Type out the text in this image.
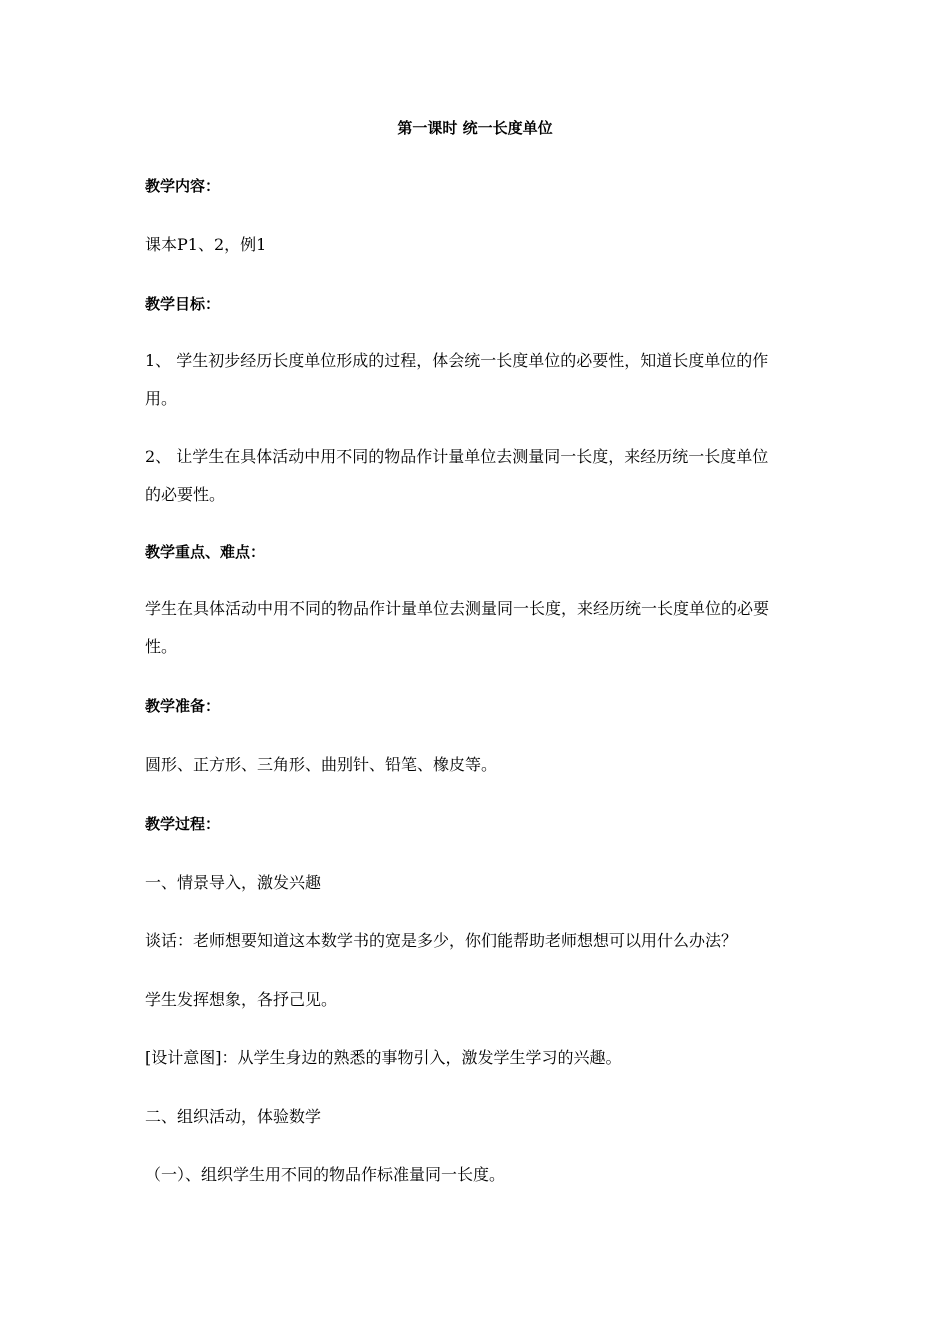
第一课时 统一长度单位
教学内容：
课本P1、2，例1
教学目标：
1、 学生初步经历长度单位形成的过程，体会统一长度单位的必要性，知道长度单位的作
用。
2、 让学生在具体活动中用不同的物品作计量单位去测量同一长度，来经历统一长度单位
的必要性。
教学重点、难点：
学生在具体活动中用不同的物品作计量单位去测量同一长度，来经历统一长度单位的必要
性。
教学准备：
圆形、正方形、三角形、曲别针、铅笔、橡皮等。
教学过程：
一、情景导入，激发兴趣
谈话：老师想要知道这本数学书的宽是多少，你们能帮助老师想想可以用什么办法？
学生发挥想象，各抒己见。
[设计意图]：从学生身边的熟悉的事物引入，激发学生学习的兴趣。
二、组织活动，体验数学
（一）、组织学生用不同的物品作标准量同一长度。
